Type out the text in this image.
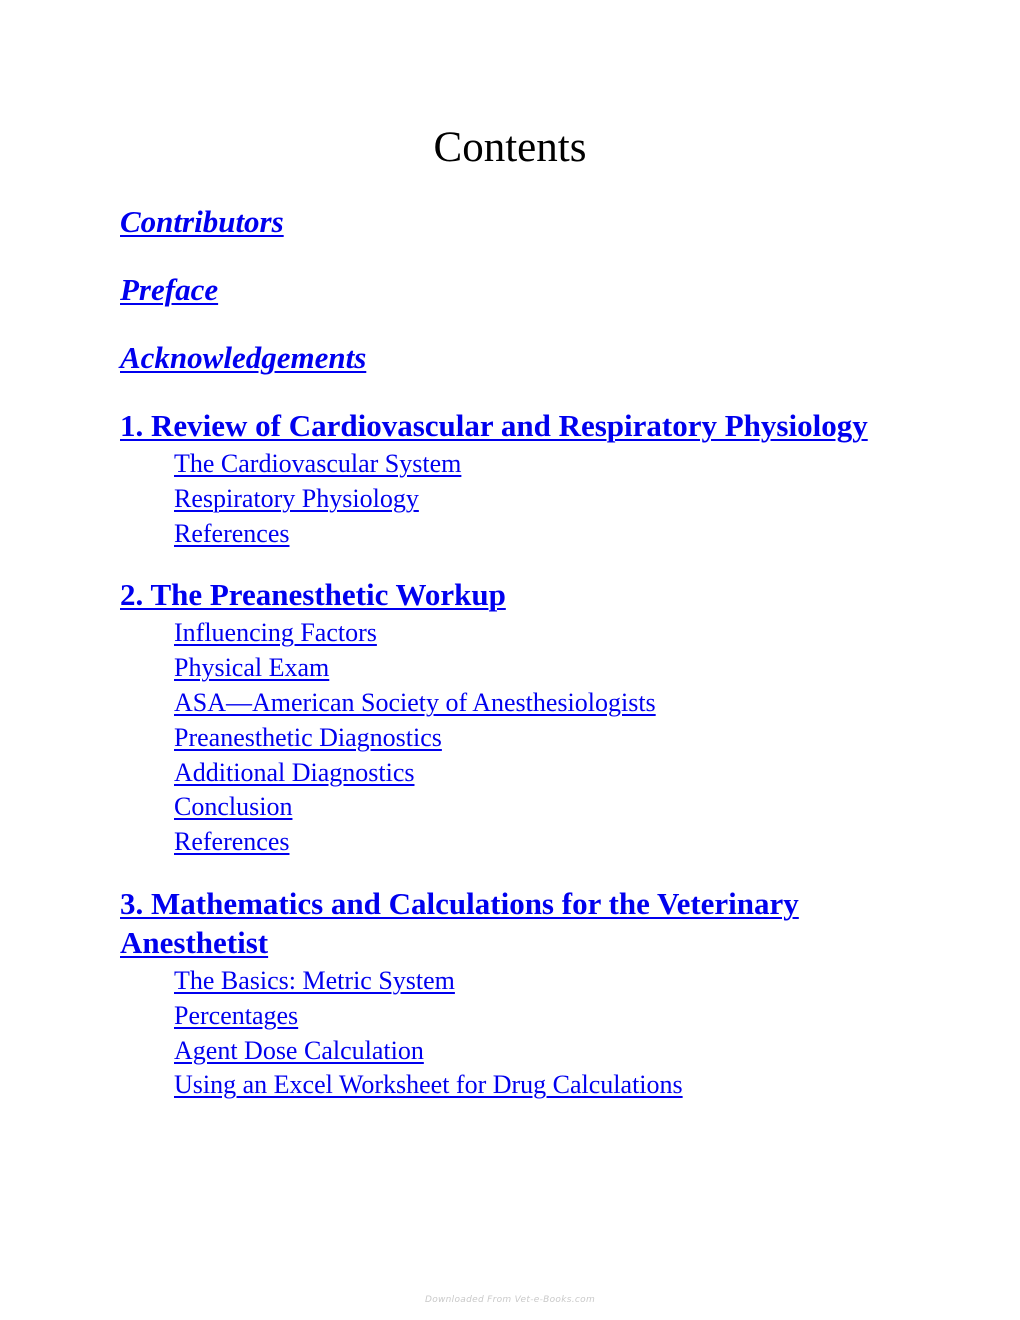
Contents
Contributors
Preface
Acknowledgements
1. Review of Cardiovascular and Respiratory Physiology
The Cardiovascular System
Respiratory Physiology
References
2. The Preanesthetic Workup
Influencing Factors
Physical Exam
ASA—American Society of Anesthesiologists
Preanesthetic Diagnostics
Additional Diagnostics
Conclusion
References
3. Mathematics and Calculations for the Veterinary Anesthetist
The Basics: Metric System
Percentages
Agent Dose Calculation
Using an Excel Worksheet for Drug Calculations
Downloaded From Vet-e-Books.com
